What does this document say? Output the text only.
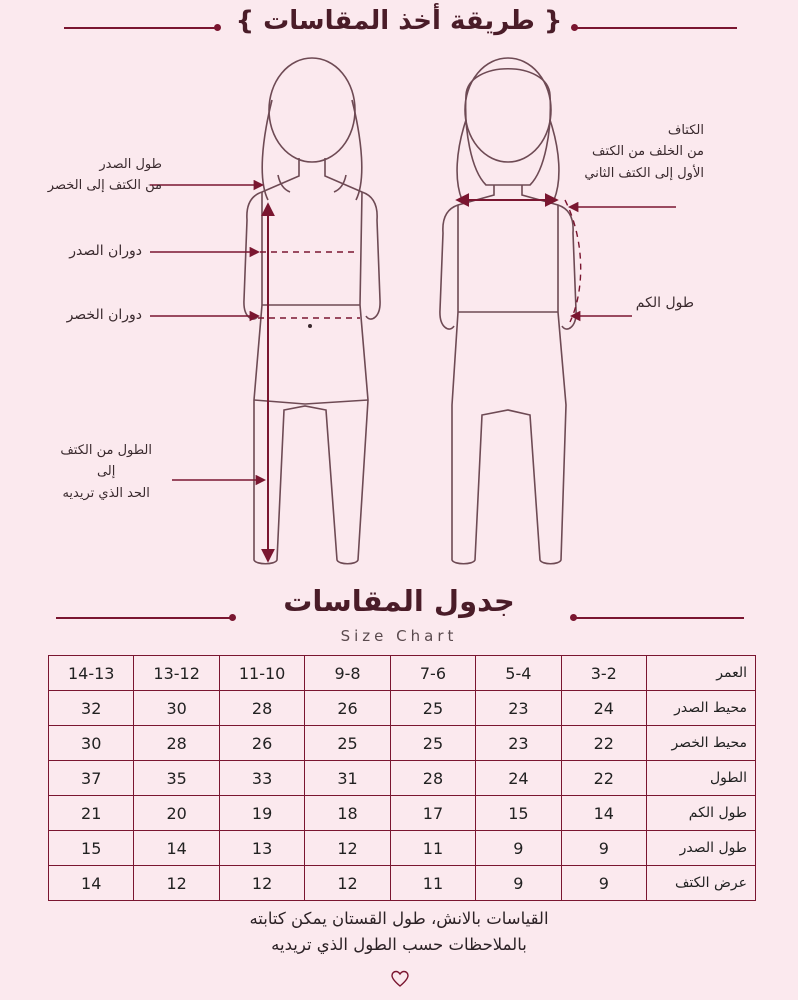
{ طريقة أخذ المقاسات }
طول الصدر
من الكتف إلى الخصر
دوران الصدر
دوران الخصر
الطول من الكتف
إلى
الحد الذي تريديه
الكتاف
من الخلف من الكتف
الأول إلى الكتف الثاني
طول الكم
جدول المقاسات
Size Chart
العمر	3-2	5-4	7-6	9-8	11-10	13-12	14-13
محيط الصدر	24	23	25	26	28	30	32
محيط الخصر	22	23	25	25	26	28	30
الطول	22	24	28	31	33	35	37
طول الكم	14	15	17	18	19	20	21
طول الصدر	9	9	11	12	13	14	15
عرض الكتف	9	9	11	12	12	12	14
القياسات بالانش، طول القستان يمكن كتابته
بالملاحظات حسب الطول الذي تريديه
